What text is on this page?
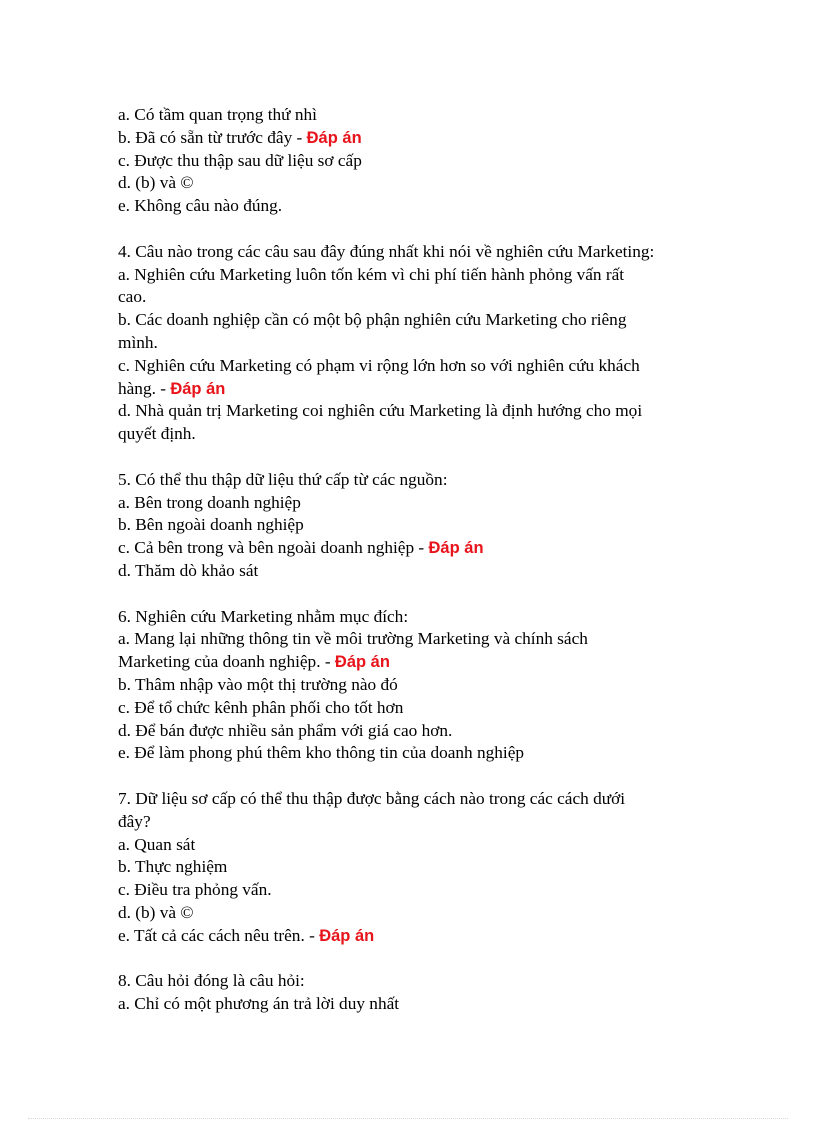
a. Có tầm quan trọng thứ nhì
b. Đã có sẵn từ trước đây - Đáp án
c. Được thu thập sau dữ liệu sơ cấp
d. (b) và ©
e. Không câu nào đúng.
4. Câu nào trong các câu sau đây đúng nhất khi nói về nghiên cứu Marketing:
a. Nghiên cứu Marketing luôn tốn kém vì chi phí tiến hành phỏng vấn rất
cao.
b. Các doanh nghiệp cần có một bộ phận nghiên cứu Marketing cho riêng
mình.
c. Nghiên cứu Marketing có phạm vi rộng lớn hơn so với nghiên cứu khách
hàng. - Đáp án
d. Nhà quản trị Marketing coi nghiên cứu Marketing là định hướng cho mọi
quyết định.
5. Có thể thu thập dữ liệu thứ cấp từ các nguồn:
a. Bên trong doanh nghiệp
b. Bên ngoài doanh nghiệp
c. Cả bên trong và bên ngoài doanh nghiệp - Đáp án
d. Thăm dò khảo sát
6. Nghiên cứu Marketing nhằm mục đích:
a. Mang lại những thông tin về môi trường Marketing và chính sách
Marketing của doanh nghiệp. - Đáp án
b. Thâm nhập vào một thị trường nào đó
c. Để tổ chức kênh phân phối cho tốt hơn
d. Để bán được nhiều sản phẩm với giá cao hơn.
e. Để làm phong phú thêm kho thông tin của doanh nghiệp
7. Dữ liệu sơ cấp có thể thu thập được bằng cách nào trong các cách dưới
đây?
a. Quan sát
b. Thực nghiệm
c. Điều tra phỏng vấn.
d. (b) và ©
e. Tất cả các cách nêu trên. - Đáp án
8. Câu hỏi đóng là câu hỏi:
a. Chỉ có một phương án trả lời duy nhất
